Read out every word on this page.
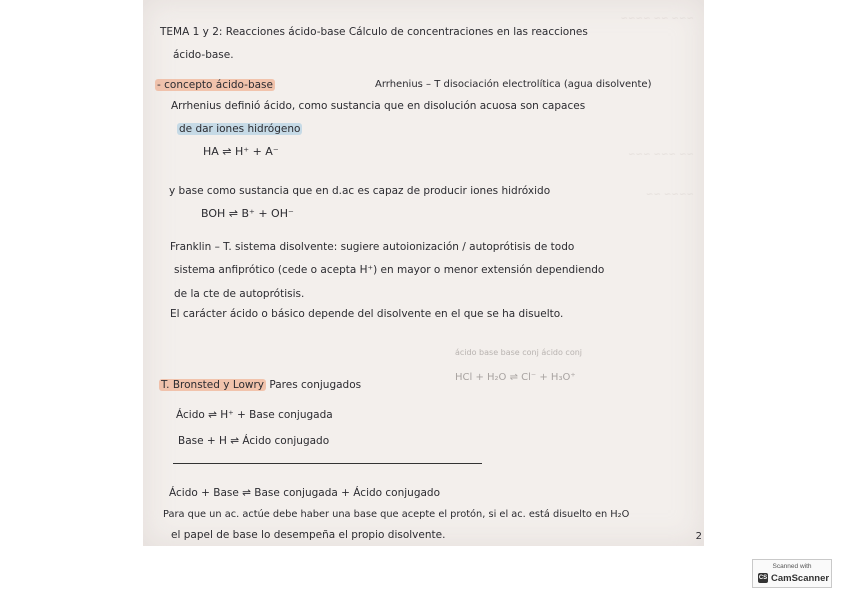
~~~ ~~ ~~~~
~~ ~~~ ~~~
~~~~ ~~
TEMA 1 y 2: Reacciones ácido-base Cálculo de concentraciones en las reacciones
ácido-base.
- concepto ácido-base	Arrhenius – T disociación electrolítica (agua disolvente)
Arrhenius definió ácido, como sustancia que en disolución acuosa son capaces
de dar iones hidrógeno
HA ⇌ H⁺ + A⁻
y base como sustancia que en d.ac es capaz de producir iones hidróxido
BOH ⇌ B⁺ + OH⁻
Franklin – T. sistema disolvente: sugiere autoionización / autoprótisis de todo
sistema anfiprótico (cede o acepta H⁺) en mayor o menor extensión dependiendo
de la cte de autoprótisis.
El carácter ácido o básico depende del disolvente en el que se ha disuelto.
ácido base base conj ácido conj
HCl + H₂O ⇌ Cl⁻ + H₃O⁺
T. Bronsted y Lowry Pares conjugados
Ácido ⇌ H⁺ + Base conjugada
Base + H ⇌ Ácido conjugado
Ácido + Base ⇌ Base conjugada + Ácido conjugado
Para que un ac. actúe debe haber una base que acepte el protón, si el ac. está disuelto en H₂O
el papel de base lo desempeña el propio disolvente.	2
Scanned with
CS CamScanner
